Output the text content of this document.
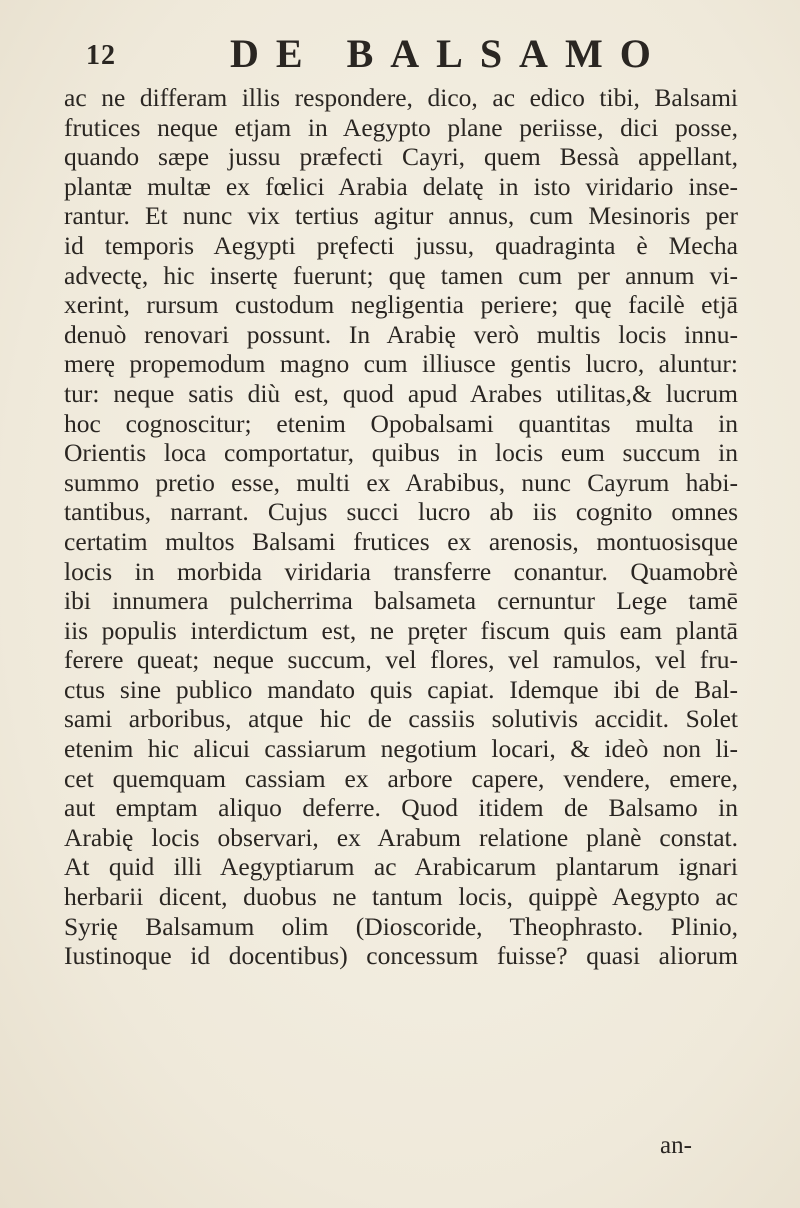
12	DE BALSAMO
ac ne differam illis respondere, dico, ac edico tibi, Balsami
frutices neque etjam in Aegypto plane periisse, dici posse,
quando sæpe jussu præfecti Cayri, quem Bessà appellant,
plantæ multæ ex fœlici Arabia delatę in isto viridario inse-
rantur. Et nunc vix tertius agitur annus, cum Mesinoris per
id temporis Aegypti pręfecti jussu, quadraginta è Mecha
advectę, hic insertę fuerunt; quę tamen cum per annum vi-
xerint, rursum custodum negligentia periere; quę facilè etjā
denuò renovari possunt. In Arabię verò multis locis innu-
merę propemodum magno cum illiusce gentis lucro, aluntur:
tur: neque satis diù est, quod apud Arabes utilitas,& lucrum
hoc cognoscitur; etenim Opobalsami quantitas multa in
Orientis loca comportatur, quibus in locis eum succum in
summo pretio esse, multi ex Arabibus, nunc Cayrum habi-
tantibus, narrant. Cujus succi lucro ab iis cognito omnes
certatim multos Balsami frutices ex arenosis, montuosisque
locis in morbida viridaria transferre conantur. Quamobrè
ibi innumera pulcherrima balsameta cernuntur Lege tamē
iis populis interdictum est, ne pręter fiscum quis eam plantā
ferere queat; neque succum, vel flores, vel ramulos, vel fru-
ctus sine publico mandato quis capiat. Idemque ibi de Bal-
sami arboribus, atque hic de cassiis solutivis accidit. Solet
etenim hic alicui cassiarum negotium locari, & ideò non li-
cet quemquam cassiam ex arbore capere, vendere, emere,
aut emptam aliquo deferre. Quod itidem de Balsamo in
Arabię locis observari, ex Arabum relatione planè constat.
At quid illi Aegyptiarum ac Arabicarum plantarum ignari
herbarii dicent, duobus ne tantum locis, quippè Aegypto ac
Syrię Balsamum olim (Dioscoride, Theophrasto. Plinio,
Iustinoque id docentibus) concessum fuisse? quasi aliorum
an-
